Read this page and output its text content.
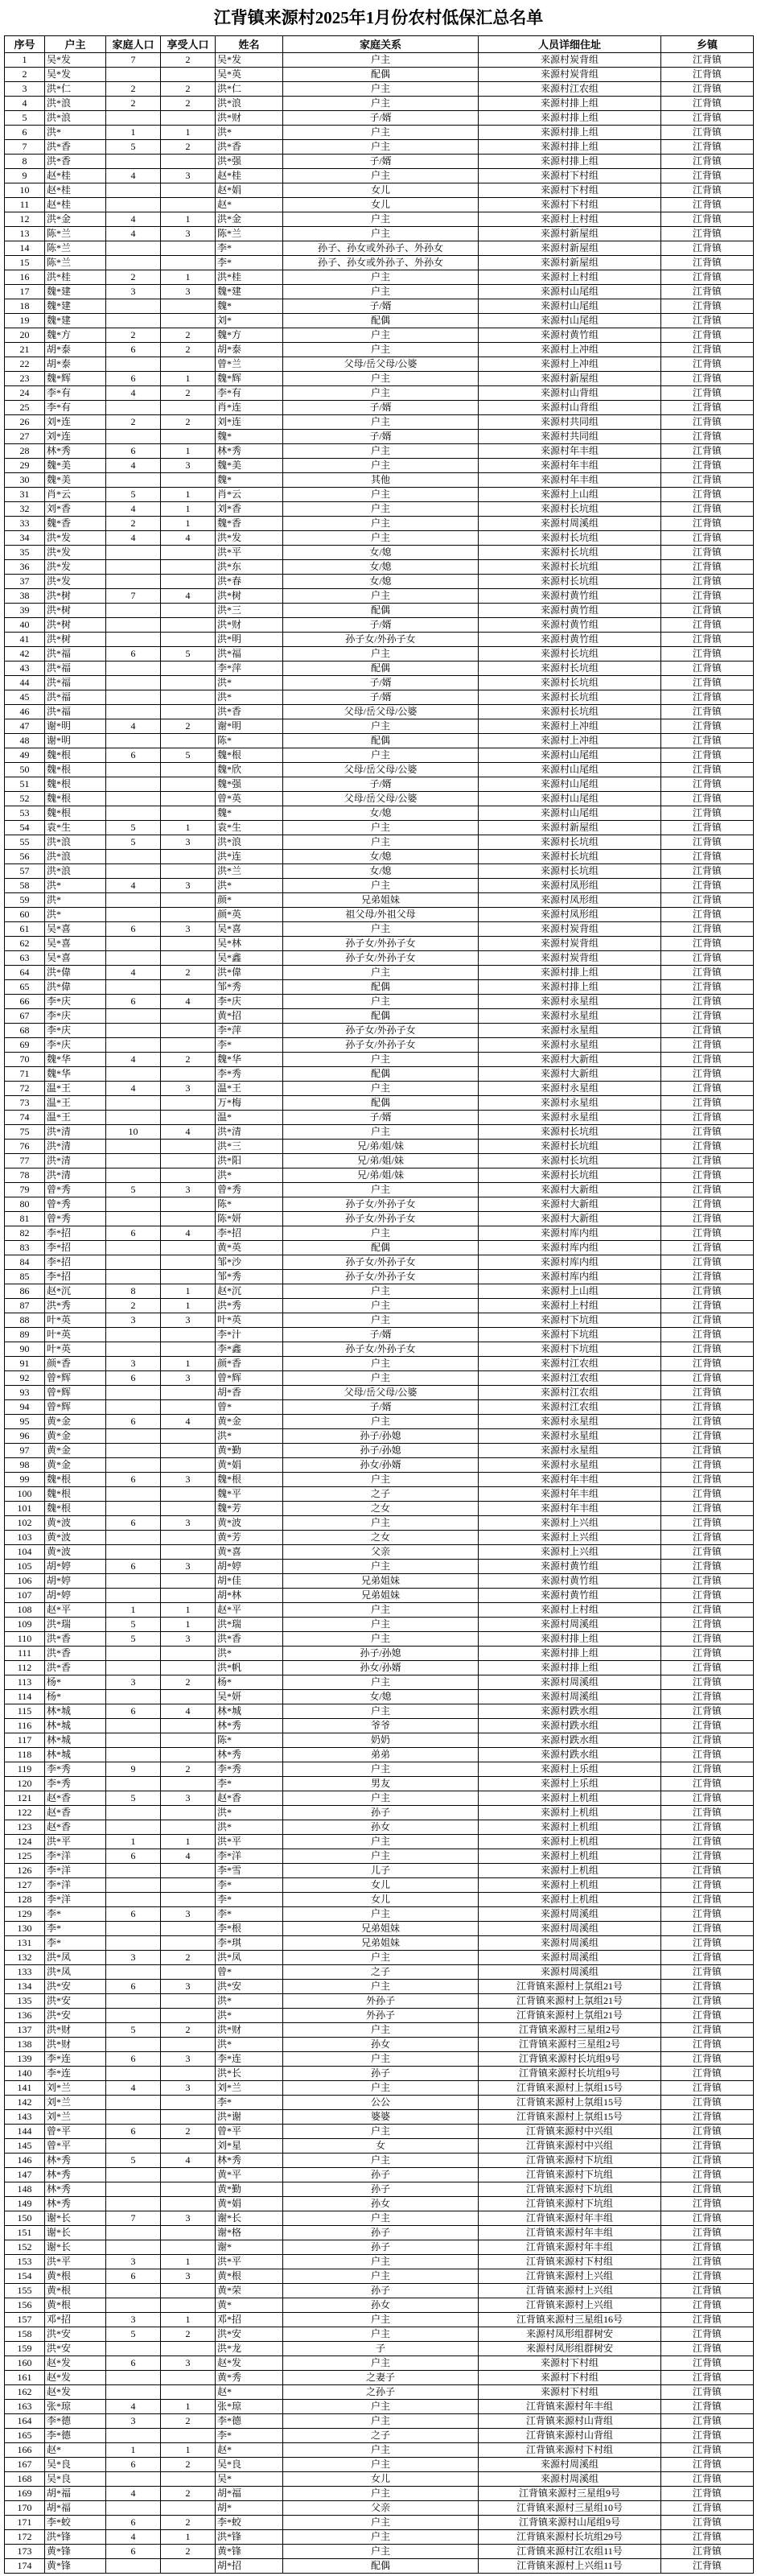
江背镇来源村2025年1月份农村低保汇总名单
序号	户主	家庭人口	享受人口	姓名	家庭关系	人员详细住址	乡镇
1	吴*发	7	2	吴*发	户主	来源村炭背组	江背镇
2	吴*发			吴*英	配偶	来源村炭背组	江背镇
3	洪*仁	2	2	洪*仁	户主	来源村江农组	江背镇
4	洪*浪	2	2	洪*浪	户主	来源村排上组	江背镇
5	洪*浪			洪*财	子/婿	来源村排上组	江背镇
6	洪*	1	1	洪*	户主	来源村排上组	江背镇
7	洪*香	5	2	洪*香	户主	来源村排上组	江背镇
8	洪*香			洪*强	子/婿	来源村排上组	江背镇
9	赵*桂	4	3	赵*桂	户主	来源村下村组	江背镇
10	赵*桂			赵*娟	女儿	来源村下村组	江背镇
11	赵*桂			赵*	女儿	来源村下村组	江背镇
12	洪*金	4	1	洪*金	户主	来源村上村组	江背镇
13	陈*兰	4	3	陈*兰	户主	来源村新屋组	江背镇
14	陈*兰			李*	孙子、孙女或外孙子、外孙女	来源村新屋组	江背镇
15	陈*兰			李*	孙子、孙女或外孙子、外孙女	来源村新屋组	江背镇
16	洪*桂	2	1	洪*桂	户主	来源村上村组	江背镇
17	魏*建	3	3	魏*建	户主	来源村山尾组	江背镇
18	魏*建			魏*	子/婿	来源村山尾组	江背镇
19	魏*建			刘*	配偶	来源村山尾组	江背镇
20	魏*方	2	2	魏*方	户主	来源村黄竹组	江背镇
21	胡*泰	6	2	胡*泰	户主	来源村上冲组	江背镇
22	胡*泰			曾*兰	父母/岳父母/公婆	来源村上冲组	江背镇
23	魏*辉	6	1	魏*辉	户主	来源村新屋组	江背镇
24	李*有	4	2	李*有	户主	来源村山背组	江背镇
25	李*有			肖*连	子/婿	来源村山背组	江背镇
26	刘*连	2	2	刘*连	户主	来源村共同组	江背镇
27	刘*连			魏*	子/婿	来源村共同组	江背镇
28	林*秀	6	1	林*秀	户主	来源村年丰组	江背镇
29	魏*美	4	3	魏*美	户主	来源村年丰组	江背镇
30	魏*美			魏*	其他	来源村年丰组	江背镇
31	肖*云	5	1	肖*云	户主	来源村上山组	江背镇
32	刘*香	4	1	刘*香	户主	来源村长坑组	江背镇
33	魏*香	2	1	魏*香	户主	来源村周溪组	江背镇
34	洪*发	4	4	洪*发	户主	来源村长坑组	江背镇
35	洪*发			洪*平	女/媳	来源村长坑组	江背镇
36	洪*发			洪*东	女/媳	来源村长坑组	江背镇
37	洪*发			洪*春	女/媳	来源村长坑组	江背镇
38	洪*树	7	4	洪*树	户主	来源村黄竹组	江背镇
39	洪*树			洪*三	配偶	来源村黄竹组	江背镇
40	洪*树			洪*财	子/婿	来源村黄竹组	江背镇
41	洪*树			洪*明	孙子女/外孙子女	来源村黄竹组	江背镇
42	洪*福	6	5	洪*福	户主	来源村长坑组	江背镇
43	洪*福			李*萍	配偶	来源村长坑组	江背镇
44	洪*福			洪*	子/婿	来源村长坑组	江背镇
45	洪*福			洪*	子/婿	来源村长坑组	江背镇
46	洪*福			洪*香	父母/岳父母/公婆	来源村长坑组	江背镇
47	谢*明	4	2	谢*明	户主	来源村上冲组	江背镇
48	谢*明			陈*	配偶	来源村上冲组	江背镇
49	魏*根	6	5	魏*根	户主	来源村山尾组	江背镇
50	魏*根			魏*欣	父母/岳父母/公婆	来源村山尾组	江背镇
51	魏*根			魏*强	子/婿	来源村山尾组	江背镇
52	魏*根			曾*英	父母/岳父母/公婆	来源村山尾组	江背镇
53	魏*根			魏*	女/媳	来源村山尾组	江背镇
54	袁*生	5	1	袁*生	户主	来源村新屋组	江背镇
55	洪*浪	5	3	洪*浪	户主	来源村长坑组	江背镇
56	洪*浪			洪*连	女/媳	来源村长坑组	江背镇
57	洪*浪			洪*兰	女/媳	来源村长坑组	江背镇
58	洪*	4	3	洪*	户主	来源村凤形组	江背镇
59	洪*			颜*	兄弟姐妹	来源村凤形组	江背镇
60	洪*			颜*英	祖父母/外祖父母	来源村凤形组	江背镇
61	吴*喜	6	3	吴*喜	户主	来源村炭背组	江背镇
62	吴*喜			吴*林	孙子女/外孙子女	来源村炭背组	江背镇
63	吴*喜			吴*鑫	孙子女/外孙子女	来源村炭背组	江背镇
64	洪*偉	4	2	洪*偉	户主	来源村排上组	江背镇
65	洪*偉			邹*秀	配偶	来源村排上组	江背镇
66	李*庆	6	4	李*庆	户主	来源村永星组	江背镇
67	李*庆			黄*招	配偶	来源村永星组	江背镇
68	李*庆			李*萍	孙子女/外孙子女	来源村永星组	江背镇
69	李*庆			李*	孙子女/外孙子女	来源村永星组	江背镇
70	魏*华	4	2	魏*华	户主	来源村大新组	江背镇
71	魏*华			李*秀	配偶	来源村大新组	江背镇
72	温*王	4	3	温*王	户主	来源村永星组	江背镇
73	温*王			万*梅	配偶	来源村永星组	江背镇
74	温*王			温*	子/婿	来源村永星组	江背镇
75	洪*清	10	4	洪*清	户主	来源村长坑组	江背镇
76	洪*清			洪*三	兄/弟/姐/妹	来源村长坑组	江背镇
77	洪*清			洪*阳	兄/弟/姐/妹	来源村长坑组	江背镇
78	洪*清			洪*	兄/弟/姐/妹	来源村长坑组	江背镇
79	曾*秀	5	3	曾*秀	户主	来源村大新组	江背镇
80	曾*秀			陈*	孙子女/外孙子女	来源村大新组	江背镇
81	曾*秀			陈*妍	孙子女/外孙子女	来源村大新组	江背镇
82	李*招	6	4	李*招	户主	来源村库内组	江背镇
83	李*招			黄*英	配偶	来源村库内组	江背镇
84	李*招			邹*沙	孙子女/外孙子女	来源村库内组	江背镇
85	李*招			邹*秀	孙子女/外孙子女	来源村库内组	江背镇
86	赵*沉	8	1	赵*沉	户主	来源村上山组	江背镇
87	洪*秀	2	1	洪*秀	户主	来源村上村组	江背镇
88	叶*英	3	3	叶*英	户主	来源村下坑组	江背镇
89	叶*英			李*汁	子/婿	来源村下坑组	江背镇
90	叶*英			李*鑫	孙子女/外孙子女	来源村下坑组	江背镇
91	颜*香	3	1	颜*香	户主	来源村江农组	江背镇
92	曾*辉	6	3	曾*辉	户主	来源村江农组	江背镇
93	曾*辉			胡*香	父母/岳父母/公婆	来源村江农组	江背镇
94	曾*辉			曾*	子/婿	来源村江农组	江背镇
95	黄*金	6	4	黄*金	户主	来源村永星组	江背镇
96	黄*金			洪*	孙子/孙媳	来源村永星组	江背镇
97	黄*金			黄*勤	孙子/孙媳	来源村永星组	江背镇
98	黄*金			黄*娟	孙女/孙婿	来源村永星组	江背镇
99	魏*根	6	3	魏*根	户主	来源村年丰组	江背镇
100	魏*根			魏*平	之子	来源村年丰组	江背镇
101	魏*根			魏*芳	之女	来源村年丰组	江背镇
102	黄*波	6	3	黄*波	户主	来源村上兴组	江背镇
103	黄*波			黄*芳	之女	来源村上兴组	江背镇
104	黄*波			黄*喜	父亲	来源村上兴组	江背镇
105	胡*婷	6	3	胡*婷	户主	来源村黄竹组	江背镇
106	胡*婷			胡*佳	兄弟姐妹	来源村黄竹组	江背镇
107	胡*婷			胡*林	兄弟姐妹	来源村黄竹组	江背镇
108	赵*平	1	1	赵*平	户主	来源村上村组	江背镇
109	洪*瑞	5	1	洪*瑞	户主	来源村周溪组	江背镇
110	洪*香	5	3	洪*香	户主	来源村排上组	江背镇
111	洪*香			洪*	孙子/孙媳	来源村排上组	江背镇
112	洪*香			洪*帆	孙女/孙婿	来源村排上组	江背镇
113	杨*	3	2	杨*	户主	来源村周溪组	江背镇
114	杨*			吴*妍	女/媳	来源村周溪组	江背镇
115	林*城	6	4	林*城	户主	来源村跌水组	江背镇
116	林*城			林*秀	爷爷	来源村跌水组	江背镇
117	林*城			陈*	奶奶	来源村跌水组	江背镇
118	林*城			林*秀	弟弟	来源村跌水组	江背镇
119	李*秀	9	2	李*秀	户主	来源村上乐组	江背镇
120	李*秀			李*	男友	来源村上乐组	江背镇
121	赵*香	5	3	赵*香	户主	来源村上机组	江背镇
122	赵*香			洪*	孙子	来源村上机组	江背镇
123	赵*香			洪*	孙女	来源村上机组	江背镇
124	洪*平	1	1	洪*平	户主	来源村上机组	江背镇
125	李*洋	6	4	李*洋	户主	来源村上机组	江背镇
126	李*洋			李*雪	儿子	来源村上机组	江背镇
127	李*洋			李*	女儿	来源村上机组	江背镇
128	李*洋			李*	女儿	来源村上机组	江背镇
129	李*	6	3	李*	户主	来源村周溪组	江背镇
130	李*			李*根	兄弟姐妹	来源村周溪组	江背镇
131	李*			李*琪	兄弟姐妹	来源村周溪组	江背镇
132	洪*凤	3	2	洪*凤	户主	来源村周溪组	江背镇
133	洪*凤			曾*	之子	来源村周溪组	江背镇
134	洪*安	6	3	洪*安	户主	江背镇来源村上氛组21号	江背镇
135	洪*安			洪*	外孙子	江背镇来源村上氛组21号	江背镇
136	洪*安			洪*	外孙子	江背镇来源村上氛组21号	江背镇
137	洪*财	5	2	洪*财	户主	江背镇来源村三星组2号	江背镇
138	洪*财			洪*	孙女	江背镇来源村三星组2号	江背镇
139	李*连	6	3	李*连	户主	江背镇来源村长坑组9号	江背镇
140	李*连			洪*长	孙子	江背镇来源村长坑组9号	江背镇
141	刘*兰	4	3	刘*兰	户主	江背镇来源村上氛组15号	江背镇
142	刘*兰			李*	公公	江背镇来源村上氛组15号	江背镇
143	刘*兰			洪*谢	婆婆	江背镇来源村上氛组15号	江背镇
144	曾*平	6	2	曾*平	户主	江背镇来源村中兴组	江背镇
145	曾*平			刘*星	女	江背镇来源村中兴组	江背镇
146	林*秀	5	4	林*秀	户主	江背镇来源村下坑组	江背镇
147	林*秀			黄*平	孙子	江背镇来源村下坑组	江背镇
148	林*秀			黄*勤	孙子	江背镇来源村下坑组	江背镇
149	林*秀			黄*娟	孙女	江背镇来源村下坑组	江背镇
150	谢*长	7	3	谢*长	户主	江背镇来源村年丰组	江背镇
151	谢*长			谢*格	孙子	江背镇来源村年丰组	江背镇
152	谢*长			谢*	孙子	江背镇来源村年丰组	江背镇
153	洪*平	3	1	洪*平	户主	江背镇来源村下村组	江背镇
154	黄*根	6	3	黄*根	户主	江背镇来源村上兴组	江背镇
155	黄*根			黄*荣	孙子	江背镇来源村上兴组	江背镇
156	黄*根			黄*	孙女	江背镇来源村上兴组	江背镇
157	邓*招	3	1	邓*招	户主	江背镇来源村三星组16号	江背镇
158	洪*安	5	2	洪*安	户主	来源村凤形组群树安	江背镇
159	洪*安			洪*龙	子	来源村凤形组群树安	江背镇
160	赵*发	6	3	赵*发	户主	来源村下村组	江背镇
161	赵*发			黄*秀	之妻子	来源村下村组	江背镇
162	赵*发			赵*	之孙子	来源村下村组	江背镇
163	张*琼	4	1	张*琼	户主	江背镇来源村年丰组	江背镇
164	李*德	3	2	李*德	户主	江背镇来源村山背组	江背镇
165	李*德			李*	之子	江背镇来源村山背组	江背镇
166	赵*	1	1	赵*	户主	江背镇来源村下村组	江背镇
167	吴*良	6	2	吴*良	户主	来源村周溪组	江背镇
168	吴*良			吴*	女儿	来源村周溪组	江背镇
169	胡*福	4	2	胡*福	户主	江背镇来源村三星组9号	江背镇
170	胡*福			胡*	父亲	江背镇来源村三星组10号	江背镇
171	李*蛟	6	2	李*蛟	户主	江背镇来源村山尾组9号	江背镇
172	洪*锋	4	1	洪*锋	户主	江背镇来源村长坑组29号	江背镇
173	黄*锋	6	2	黄*锋	户主	江背镇来源村江农组11号	江背镇
174	黄*锋			胡*招	配偶	江背镇来源村上兴组11号	江背镇
